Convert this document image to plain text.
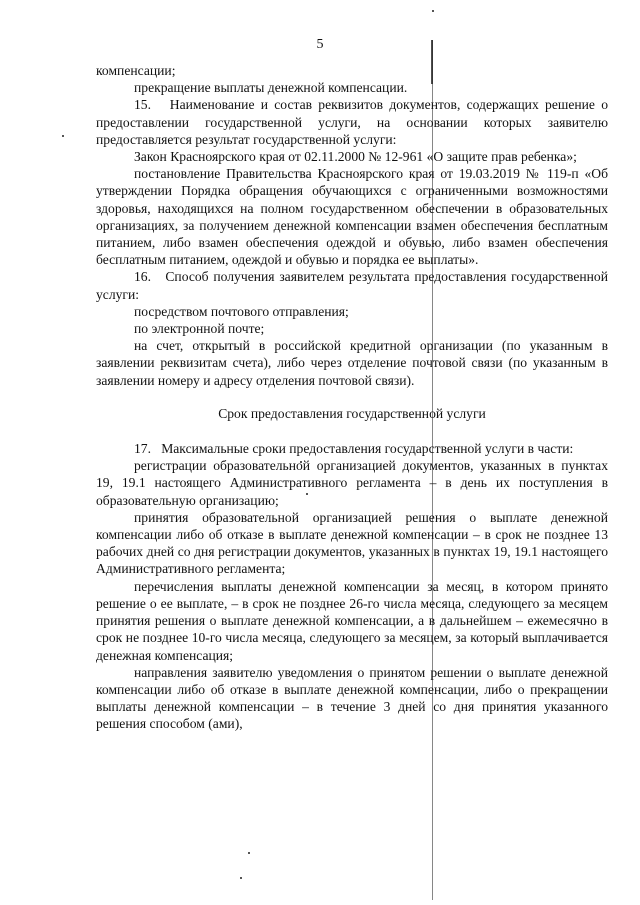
5

компенсации;

прекращение выплаты денежной компенсации.

15.   Наименование и состав реквизитов документов, содержащих решение о предоставлении государственной услуги, на основании которых заявителю предоставляется результат государственной услуги:

Закон Красноярского края от 02.11.2000 № 12-961 «О защите прав ребенка»;

постановление Правительства Красноярского края от 19.03.2019 № 119-п «Об утверждении Порядка обращения обучающихся с ограниченными возможностями здоровья, находящихся на полном государственном обеспечении в образовательных организациях, за получением денежной компенсации взамен обеспечения бесплатным питанием, либо взамен обеспечения одеждой и обувью, либо взамен обеспечения бесплатным питанием, одеждой и обувью и порядка ее выплаты».

16.   Способ получения заявителем результата предоставления государственной услуги:

посредством почтового отправления;

по электронной почте;

на счет, открытый в российской кредитной организации (по указанным в заявлении реквизитам счета), либо через отделение почтовой связи (по указанным в заявлении номеру и адресу отделения почтовой связи).

Срок предоставления государственной услуги

17.   Максимальные сроки предоставления государственной услуги в части:

регистрации образовательной организацией документов, указанных в пунктах 19, 19.1 настоящего Административного регламента – в день их поступления в образовательную организацию;

принятия образовательной организацией решения о выплате денежной компенсации либо об отказе в выплате денежной компенсации – в срок не позднее 13 рабочих дней со дня регистрации документов, указанных в пунктах 19, 19.1 настоящего Административного регламента;

перечисления выплаты денежной компенсации за месяц, в котором принято решение о ее выплате, – в срок не позднее 26-го числа месяца, следующего за месяцем принятия решения о выплате денежной компенсации, а в дальнейшем – ежемесячно в срок не позднее 10-го числа месяца, следующего за месяцем, за который выплачивается денежная компенсация;

направления заявителю уведомления о принятом решении о выплате денежной компенсации либо об отказе в выплате денежной компенсации, либо о прекращении выплаты денежной компенсации – в течение 3 дней со дня принятия указанного решения способом (ами),
